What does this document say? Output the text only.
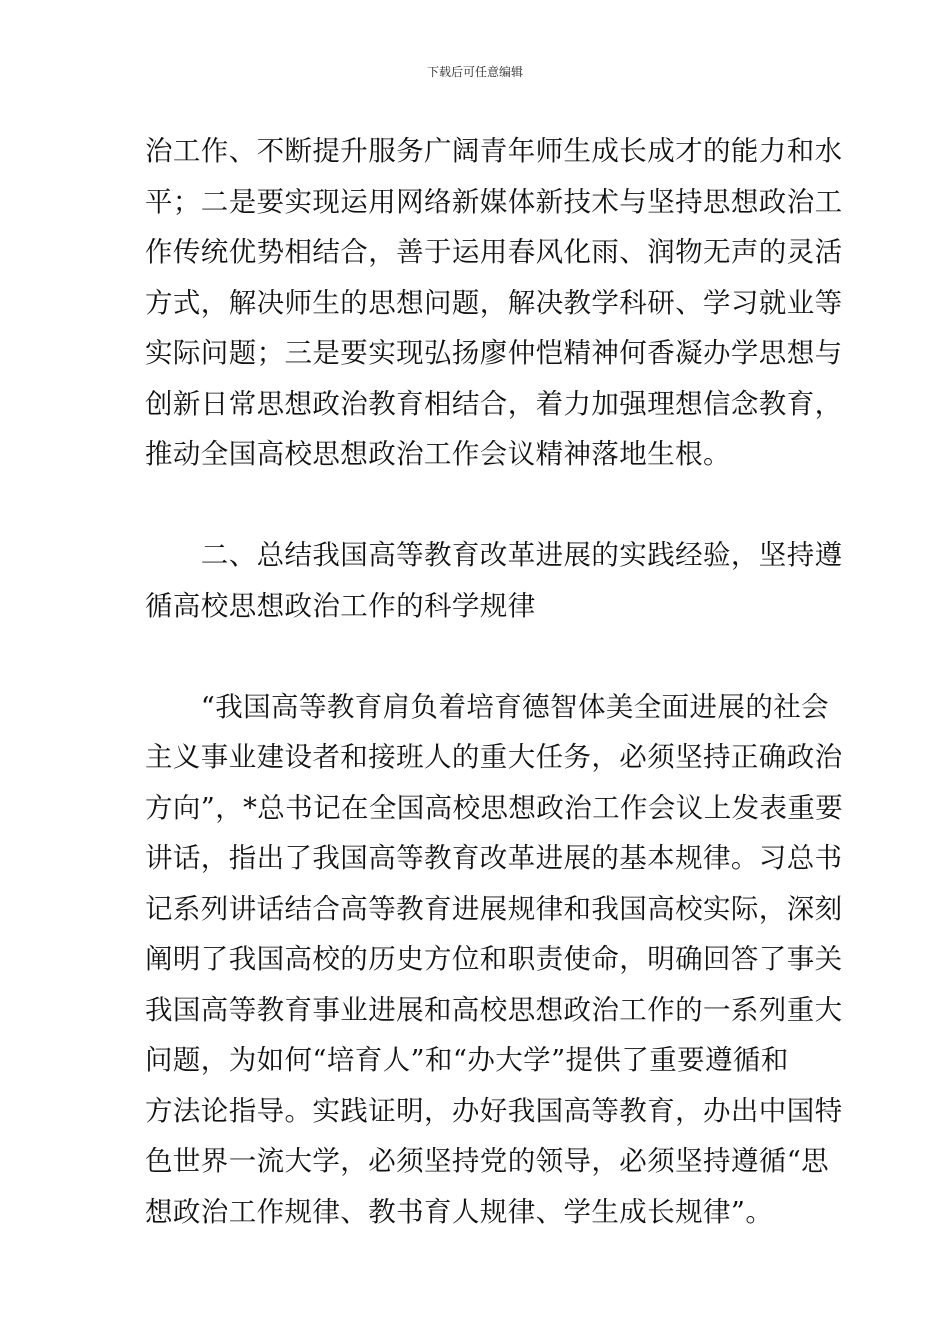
下载后可任意编辑
治工作、不断提升服务广阔青年师生成长成才的能力和水
平；二是要实现运用网络新媒体新技术与坚持思想政治工
作传统优势相结合，善于运用春风化雨、润物无声的灵活
方式，解决师生的思想问题，解决教学科研、学习就业等
实际问题；三是要实现弘扬廖仲恺精神何香凝办学思想与
创新日常思想政治教育相结合，着力加强理想信念教育，
推动全国高校思想政治工作会议精神落地生根。
　　二、总结我国高等教育改革进展的实践经验，坚持遵
循高校思想政治工作的科学规律
　　“我国高等教育肩负着培育德智体美全面进展的社会
主义事业建设者和接班人的重大任务，必须坚持正确政治
方向”，*总书记在全国高校思想政治工作会议上发表重要
讲话，指出了我国高等教育改革进展的基本规律。习总书
记系列讲话结合高等教育进展规律和我国高校实际，深刻
阐明了我国高校的历史方位和职责使命，明确回答了事关
我国高等教育事业进展和高校思想政治工作的一系列重大
问题，为如何“培育人”和“办大学”提供了重要遵循和
方法论指导。实践证明，办好我国高等教育，办出中国特
色世界一流大学，必须坚持党的领导，必须坚持遵循“思
想政治工作规律、教书育人规律、学生成长规律”。
